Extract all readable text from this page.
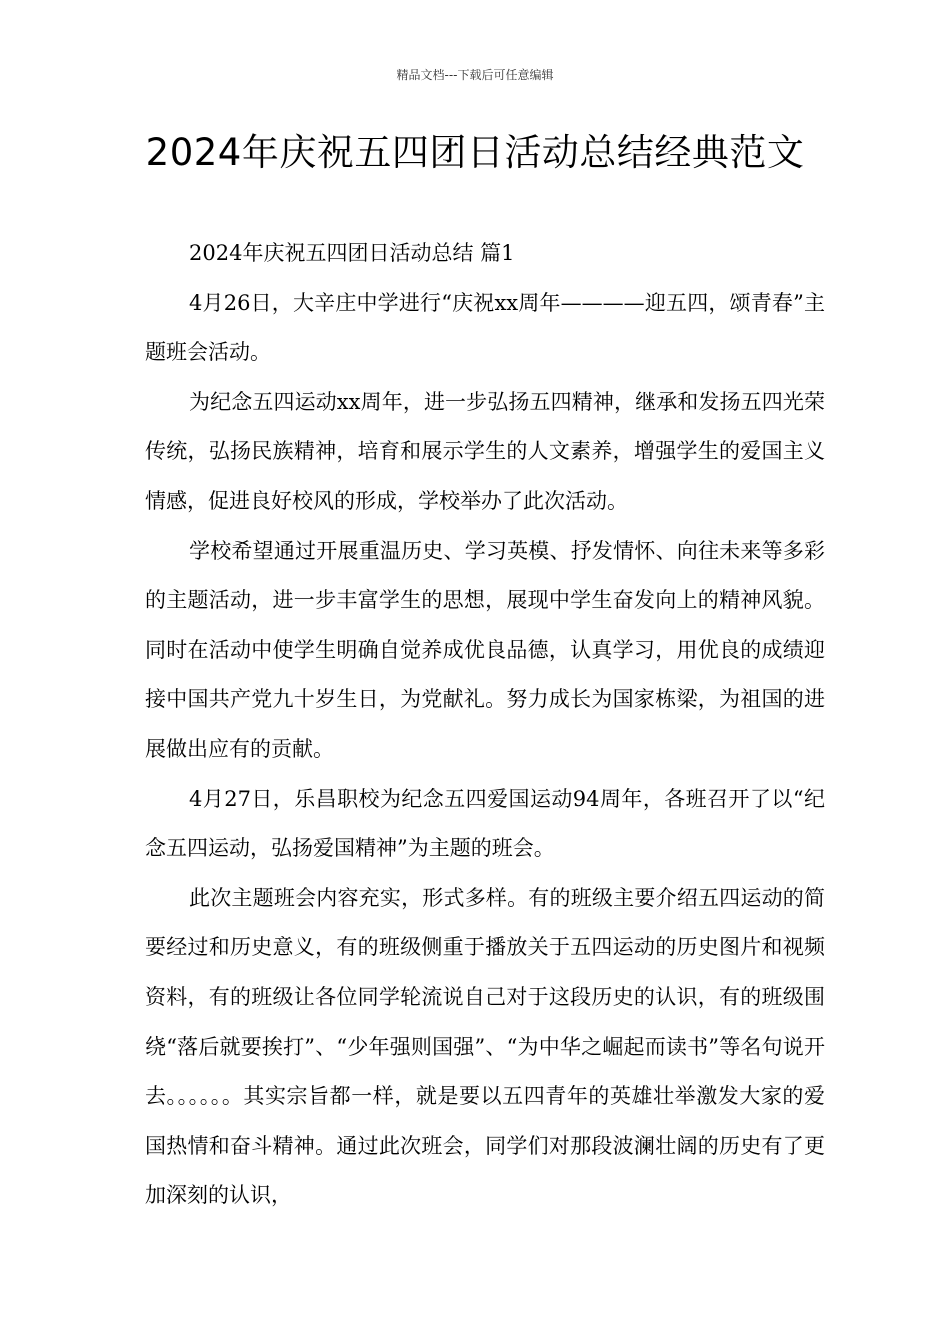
精品文档---下载后可任意编辑
2024年庆祝五四团日活动总结经典范文

2024年庆祝五四团日活动总结 篇1

4月26日，大辛庄中学进行“庆祝xx周年————迎五四，颂青春”主题班会活动。

为纪念五四运动xx周年，进一步弘扬五四精神，继承和发扬五四光荣传统，弘扬民族精神，培育和展示学生的人文素养，增强学生的爱国主义情感，促进良好校风的形成，学校举办了此次活动。

学校希望通过开展重温历史、学习英模、抒发情怀、向往未来等多彩的主题活动，进一步丰富学生的思想，展现中学生奋发向上的精神风貌。同时在活动中使学生明确自觉养成优良品德，认真学习，用优良的成绩迎接中国共产党九十岁生日，为党献礼。努力成长为国家栋梁，为祖国的进展做出应有的贡献。

4月27日，乐昌职校为纪念五四爱国运动94周年，各班召开了以“纪念五四运动，弘扬爱国精神”为主题的班会。

此次主题班会内容充实，形式多样。有的班级主要介绍五四运动的简要经过和历史意义，有的班级侧重于播放关于五四运动的历史图片和视频资料，有的班级让各位同学轮流说自己对于这段历史的认识，有的班级围绕“落后就要挨打”、“少年强则国强”、“为中华之崛起而读书”等名句说开去。。。。。。其实宗旨都一样，就是要以五四青年的英雄壮举激发大家的爱国热情和奋斗精神。通过此次班会，同学们对那段波澜壮阔的历史有了更加深刻的认识，
